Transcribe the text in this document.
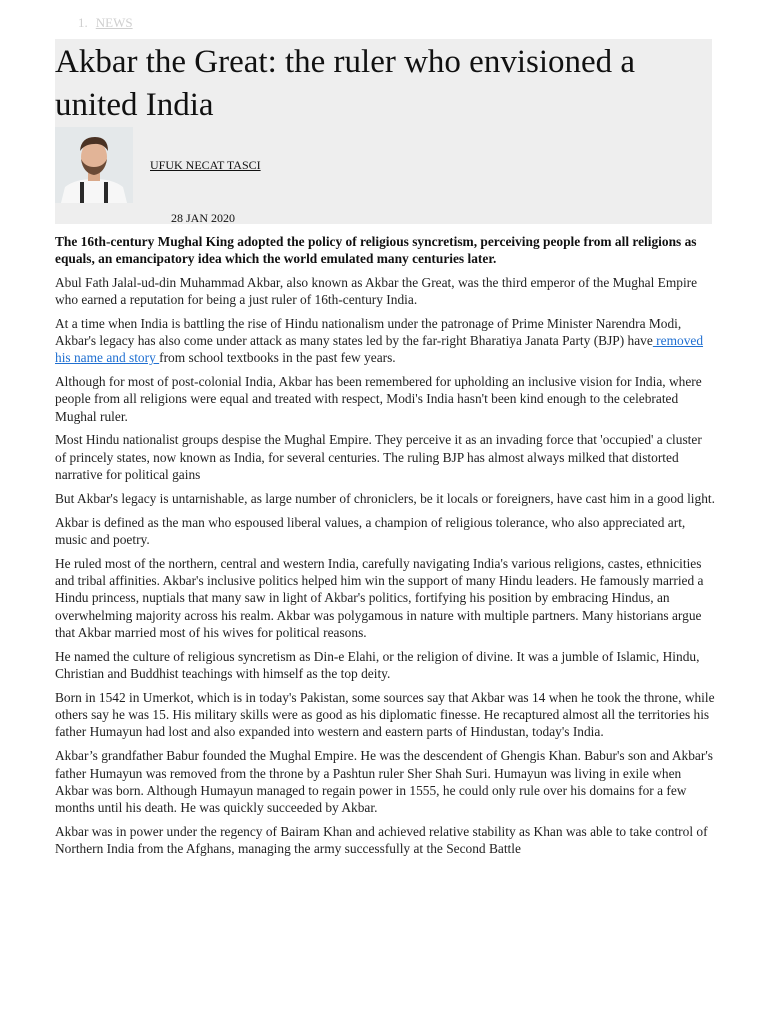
1. NEWS
Akbar the Great: the ruler who envisioned a united India
UFUK NECAT TASCI
28 JAN 2020

The 16th-century Mughal King adopted the policy of religious syncretism, perceiving people from all religions as equals, an emancipatory idea which the world emulated many centuries later.

Abul Fath Jalal-ud-din Muhammad Akbar, also known as Akbar the Great, was the third emperor of the Mughal Empire who earned a reputation for being a just ruler of 16th-century India.

At a time when India is battling the rise of Hindu nationalism under the patronage of Prime Minister Narendra Modi, Akbar's legacy has also come under attack as many states led by the far-right Bharatiya Janata Party (BJP) have removed his name and story from school textbooks in the past few years.

Although for most of post-colonial India, Akbar has been remembered for upholding an inclusive vision for India, where people from all religions were equal and treated with respect, Modi's India hasn't been kind enough to the celebrated Mughal ruler.

Most Hindu nationalist groups despise the Mughal Empire. They perceive it as an invading force that 'occupied' a cluster of princely states, now known as India, for several centuries. The ruling BJP has almost always milked that distorted narrative for political gains

But Akbar's legacy is untarnishable, as large number of chroniclers, be it locals or foreigners, have cast him in a good light.

Akbar is defined as the man who espoused liberal values, a champion of religious tolerance, who also appreciated art, music and poetry.

He ruled most of the northern, central and western India, carefully navigating India's various religions, castes, ethnicities and tribal affinities. Akbar's inclusive politics helped him win the support of many Hindu leaders. He famously married a Hindu princess, nuptials that many saw in light of Akbar's politics, fortifying his position by embracing Hindus, an overwhelming majority across his realm. Akbar was polygamous in nature with multiple partners. Many historians argue that Akbar married most of his wives for political reasons.

He named the culture of religious syncretism as Din-e Elahi, or the religion of divine. It was a jumble of Islamic, Hindu, Christian and Buddhist teachings with himself as the top deity.

Born in 1542 in Umerkot, which is in today's Pakistan, some sources say that Akbar was 14 when he took the throne, while others say he was 15. His military skills were as good as his diplomatic finesse. He recaptured almost all the territories his father Humayun had lost and also expanded into western and eastern parts of Hindustan, today's India.

Akbar’s grandfather Babur founded the Mughal Empire. He was the descendent of Ghengis Khan. Babur's son and Akbar's father Humayun was removed from the throne by a Pashtun ruler Sher Shah Suri. Humayun was living in exile when Akbar was born. Although Humayun managed to regain power in 1555, he could only rule over his domains for a few months until his death. He was quickly succeeded by Akbar.

Akbar was in power under the regency of Bairam Khan and achieved relative stability as Khan was able to take control of Northern India from the Afghans, managing the army successfully at the Second Battle
